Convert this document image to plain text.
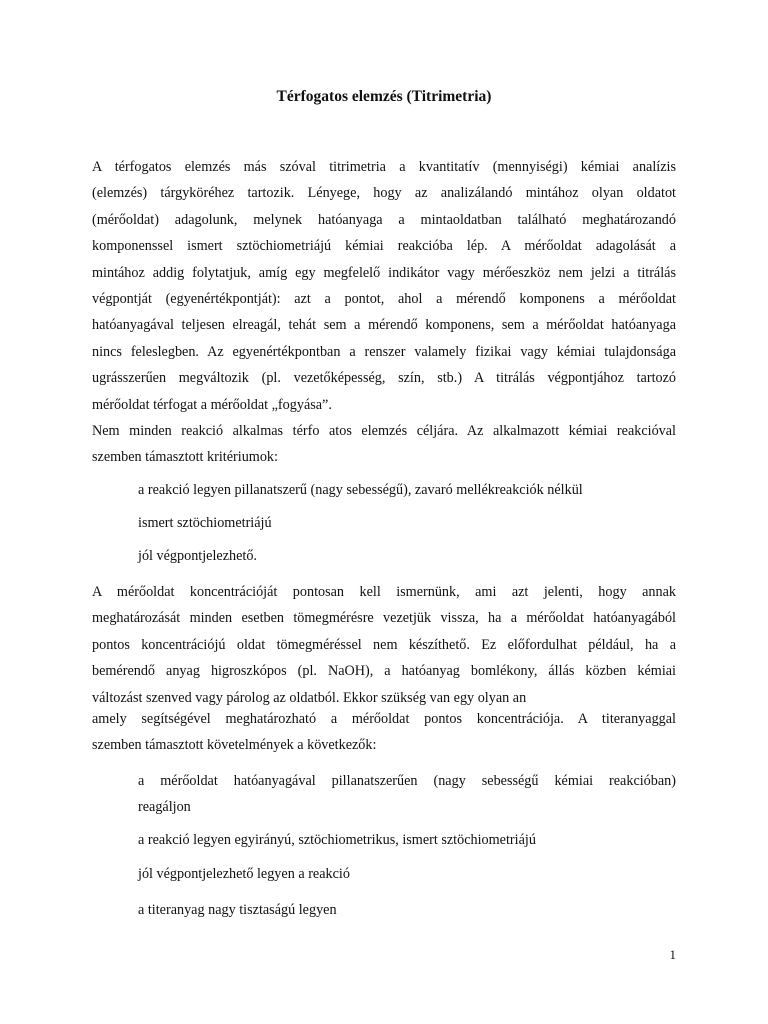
Térfogatos elemzés (Titrimetria)
A térfogatos elemzés más szóval titrimetria a kvantitatív (mennyiségi) kémiai analízis
(elemzés) tárgyköréhez tartozik. Lényege, hogy az analizálandó mintához olyan oldatot
(mérőoldat) adagolunk, melynek hatóanyaga a mintaoldatban található meghatározandó
komponenssel ismert sztöchiometriájú kémiai reakcióba lép. A mérőoldat adagolását a
mintához addig folytatjuk, amíg egy megfelelő indikátor vagy mérőeszköz nem jelzi a titrálás
végpontját (egyenértékpontját): azt a pontot, ahol a mérendő komponens a mérőoldat
hatóanyagával teljesen elreagál, tehát sem a mérendő komponens, sem a mérőoldat hatóanyaga
nincs feleslegben. Az egyenértékpontban a renszer valamely fizikai vagy kémiai tulajdonsága
ugrásszerűen megváltozik (pl. vezetőképesség, szín, stb.) A titrálás végpontjához tartozó
mérőoldat térfogat a mérőoldat „fogyása”.
Nem minden reakció alkalmas térfo atos elemzés céljára. Az alkalmazott kémiai reakcióval
szemben támasztott kritériumok:
a reakció legyen pillanatszerű (nagy sebességű), zavaró mellékreakciók nélkül
ismert sztöchiometriájú
jól végpontjelezhető.
A mérőoldat koncentrációját pontosan kell ismernünk, ami azt jelenti, hogy annak
meghatározását minden esetben tömegmérésre vezetjük vissza, ha a mérőoldat hatóanyagából
pontos koncentrációjú oldat tömegméréssel nem készíthető. Ez előfordulhat például, ha a
bemérendő anyag higroszkópos (pl. NaOH), a hatóanyag bomlékony, állás közben kémiai
változást szenved vagy párolog az oldatból. Ekkor szükség van egy olyan an
amely segítségével meghatározható a mérőoldat pontos koncentrációja. A titeranyaggal
szemben támasztott követelmények a következők:
a mérőoldat hatóanyagával pillanatszerűen (nagy sebességű kémiai reakcióban)
reagáljon
a reakció legyen egyirányú, sztöchiometrikus, ismert sztöchiometriájú
jól végpontjelezhető legyen a reakció
a titeranyag nagy tisztaságú legyen
1
